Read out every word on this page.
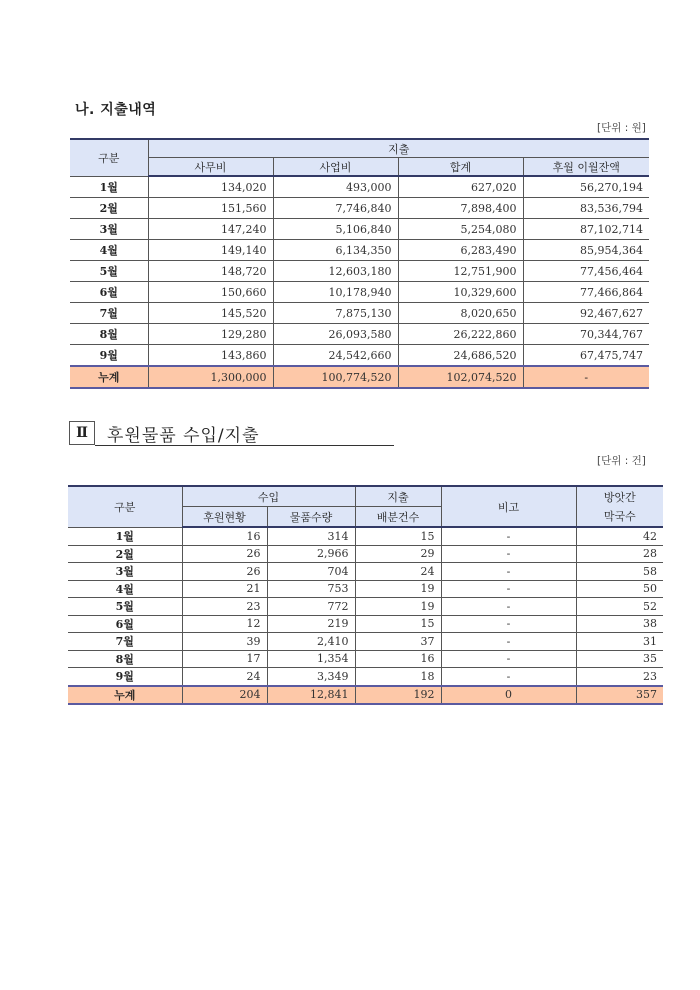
나. 지출내역
[단위 : 원]
구분	지출			
	사무비	사업비	합계	후월 이월잔액
1월	134,020	493,000	627,020	56,270,194
2월	151,560	7,746,840	7,898,400	83,536,794
3월	147,240	5,106,840	5,254,080	87,102,714
4월	149,140	6,134,350	6,283,490	85,954,364
5월	148,720	12,603,180	12,751,900	77,456,464
6월	150,660	10,178,940	10,329,600	77,466,864
7월	145,520	7,875,130	8,020,650	92,467,627
8월	129,280	26,093,580	26,222,860	70,344,767
9월	143,860	24,542,660	24,686,520	67,475,747
누계	1,300,000	100,774,520	102,074,520	-
Ⅱ	후원물품 수입/지출
[단위 : 건]
구분	수입		지출	비고	방앗간
	후원현황	물품수량	배분건수		막국수
1월	16	314	15	-	42
2월	26	2,966	29	-	28
3월	26	704	24	-	58
4월	21	753	19	-	50
5월	23	772	19	-	52
6월	12	219	15	-	38
7월	39	2,410	37	-	31
8월	17	1,354	16	-	35
9월	24	3,349	18	-	23
누계	204	12,841	192	0	357
